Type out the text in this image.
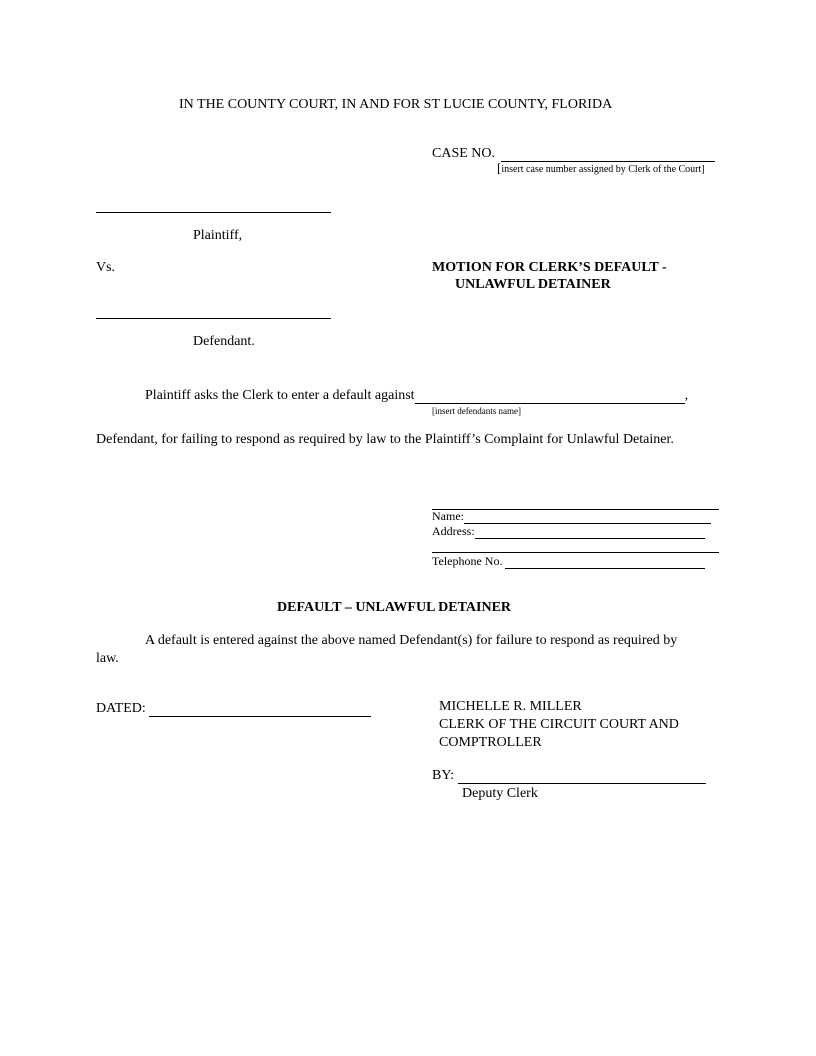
IN THE COUNTY COURT, IN AND FOR ST LUCIE COUNTY, FLORIDA
CASE NO.
[insert case number assigned by Clerk of the Court]
Plaintiff,
Vs.	MOTION FOR CLERK’S DEFAULT -
UNLAWFUL DETAINER
Defendant.
Plaintiff asks the Clerk to enter a default against	,
[insert defendants name]
Defendant, for failing to respond as required by law to the Plaintiff’s Complaint for Unlawful Detainer.
Name:
Address:
Telephone No.
DEFAULT – UNLAWFUL DETAINER
A default is entered against the above named Defendant(s) for failure to respond as required by
law.
DATED:	MICHELLE R. MILLER
CLERK OF THE CIRCUIT COURT AND
COMPTROLLER
BY:
Deputy Clerk
